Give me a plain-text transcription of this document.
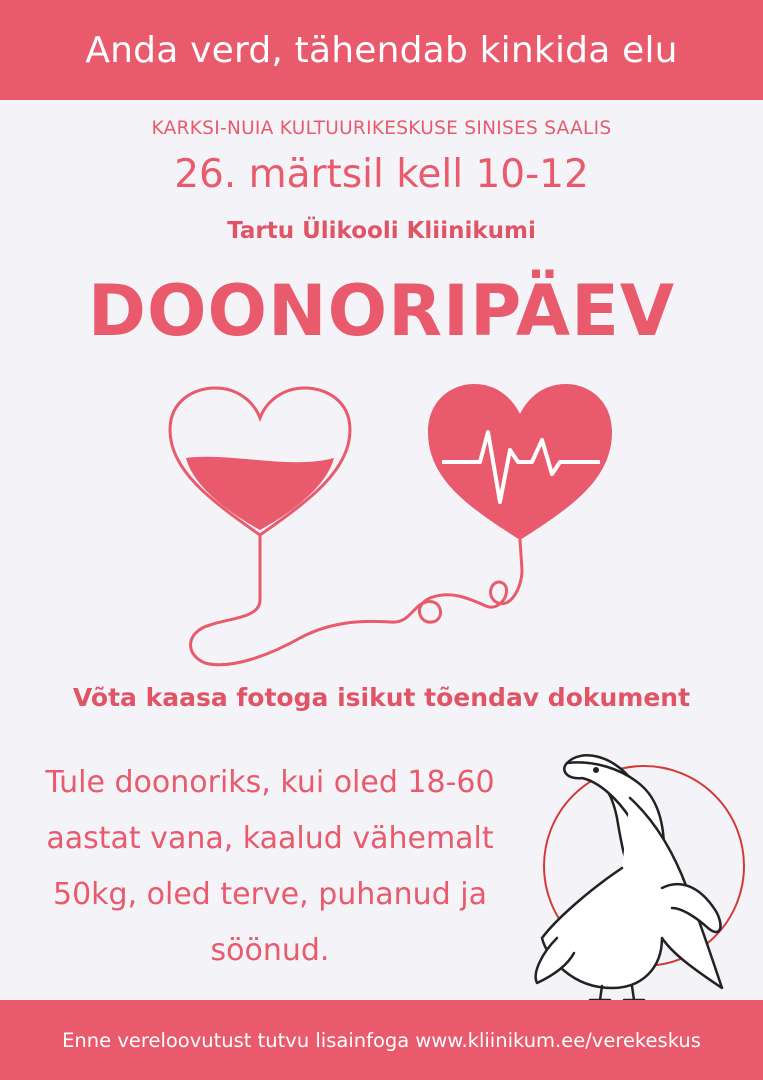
Anda verd, tähendab kinkida elu
KARKSI-NUIA KULTUURIKESKUSE SINISES SAALIS
26. märtsil kell 10-12
Tartu Ülikooli Kliinikumi
DOONORIPÄEV
Võta kaasa fotoga isikut tõendav dokument
Tule doonoriks, kui oled 18-60
aastat vana, kaalud vähemalt
50kg, oled terve, puhanud ja
söönud.
Enne vereloovutust tutvu lisainfoga www.kliinikum.ee/verekeskus
